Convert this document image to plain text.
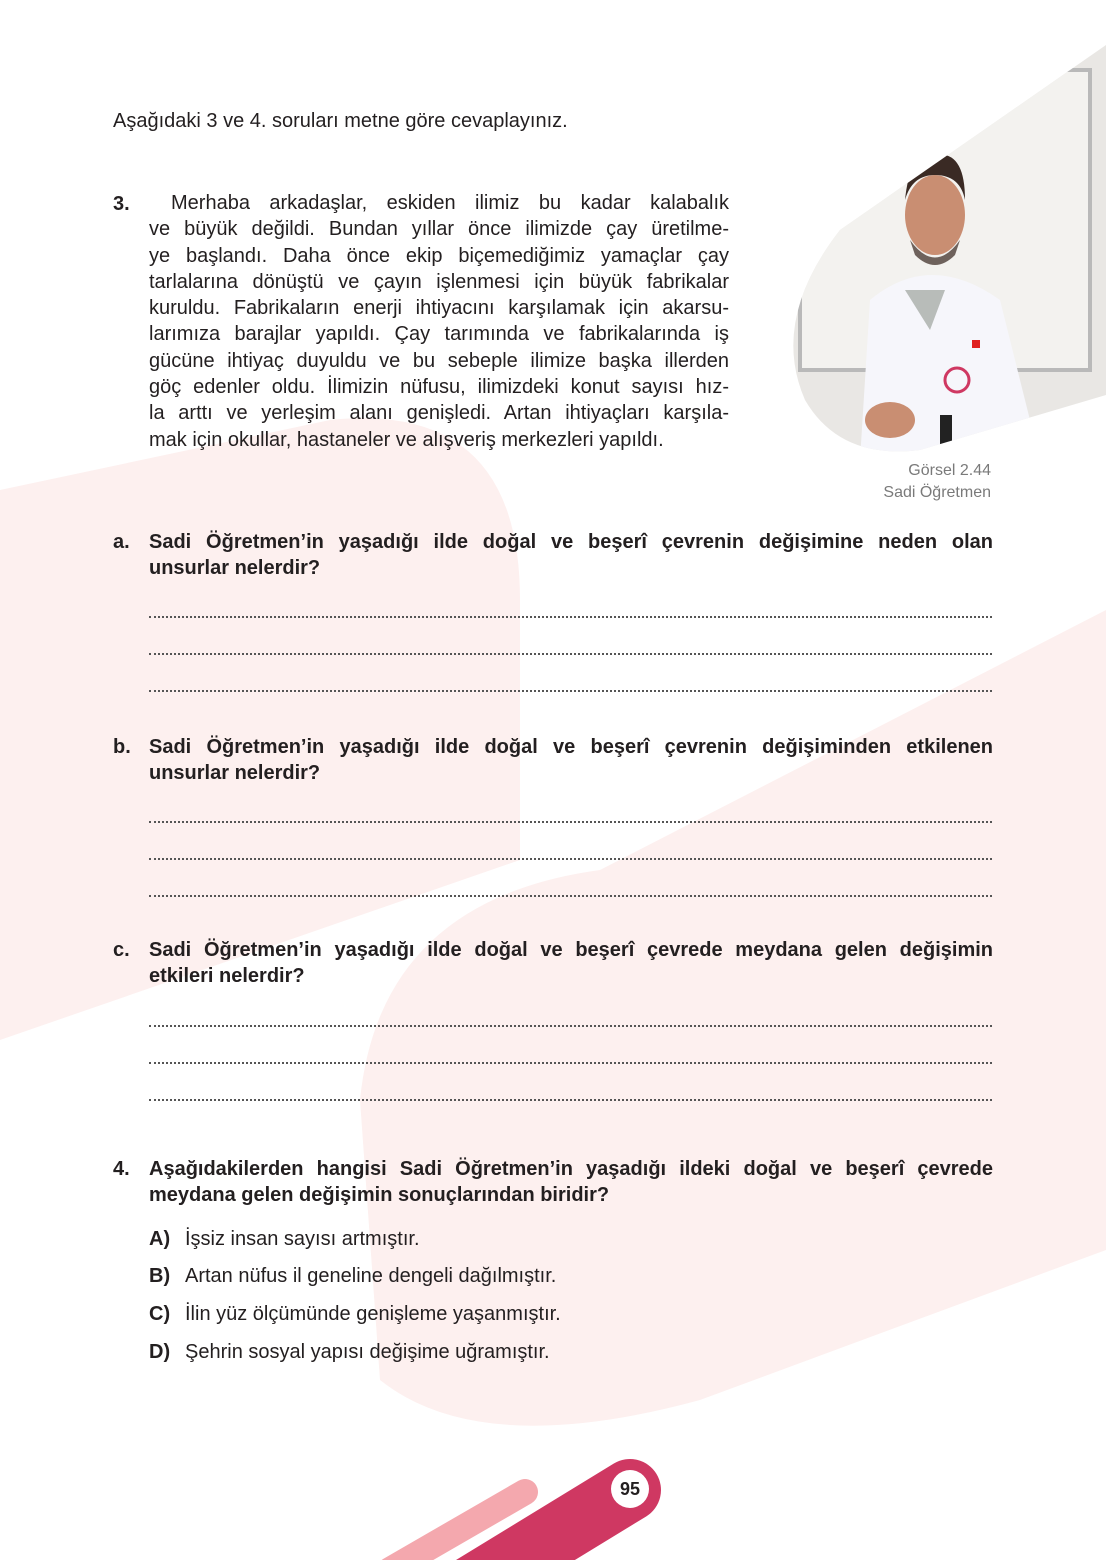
Aşağıdaki 3 ve 4. soruları metne göre cevaplayınız.
3.	Merhaba arkadaşlar, eskiden ilimiz bu kadar kalabalık
ve büyük değildi. Bundan yıllar önce ilimizde çay üretilme-
ye başlandı. Daha önce ekip biçemediğimiz yamaçlar çay
tarlalarına dönüştü ve çayın işlenmesi için büyük fabrikalar
kuruldu. Fabrikaların enerji ihtiyacını karşılamak için akarsu-
larımıza barajlar yapıldı. Çay tarımında ve fabrikalarında iş
gücüne ihtiyaç duyuldu ve bu sebeple ilimize başka illerden
göç edenler oldu. İlimizin nüfusu, ilimizdeki konut sayısı hız-
la arttı ve yerleşim alanı genişledi. Artan ihtiyaçları karşıla-
mak için okullar, hastaneler ve alışveriş merkezleri yapıldı.
Görsel 2.44
Sadi Öğretmen
a. Sadi Öğretmen’in yaşadığı ilde doğal ve beşerî çevrenin değişimine neden olan
unsurlar nelerdir?
b. Sadi Öğretmen’in yaşadığı ilde doğal ve beşerî çevrenin değişiminden etkilenen
unsurlar nelerdir?
c. Sadi Öğretmen’in yaşadığı ilde doğal ve beşerî çevrede meydana gelen değişimin
etkileri nelerdir?
4. Aşağıdakilerden hangisi Sadi Öğretmen’in yaşadığı ildeki doğal ve beşerî çevrede
meydana gelen değişimin sonuçlarından biridir?
A) İşsiz insan sayısı artmıştır.
B) Artan nüfus il geneline dengeli dağılmıştır.
C) İlin yüz ölçümünde genişleme yaşanmıştır.
D) Şehrin sosyal yapısı değişime uğramıştır.
95
